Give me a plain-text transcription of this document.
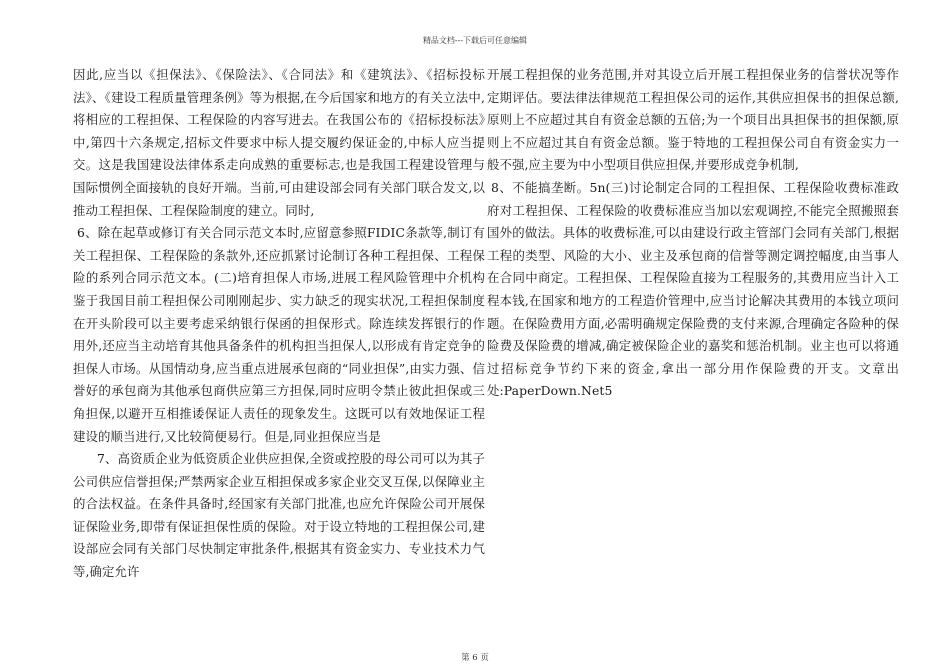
精品文档---下载后可任意编辑

因此,应当以《担保法》、《保险法》、《合同法》和《建筑法》、《招标投标法》、《建设工程质量管理条例》等为根据,在今后国家和地方的有关立法中,将相应的工程担保、工程保险的内容写进去。在我国公布的《招标投标法》中,第四十六条规定,招标文件要求中标人提交履约保证金的,中标人应当提交。这是我国建设法律体系走向成熟的重要标志,也是我国工程建设管理与国际惯例全面接轨的良好开端。当前,可由建设部会同有关部门联合发文,以推动工程担保、工程保险制度的建立。同时,

6、除在起草或修订有关合同示范文本时,应留意参照FIDIC条款等,制订有关工程担保、工程保险的条款外,还应抓紧讨论制订各种工程担保、工程保险的系列合同示范文本。(二)培育担保人市场,进展工程风险管理中介机构鉴于我国目前工程担保公司刚刚起步、实力缺乏的现实状况,工程担保制度在开头阶段可以主要考虑采纳银行保函的担保形式。除连续发挥银行的作用外,还应当主动培育其他具备条件的机构担当担保人,以形成有肯定竞争的担保人市场。从国情动身,应当重点进展承包商的“同业担保”,由实力强、信誉好的承包商为其他承包商供应第三方担保,同时应明令禁止彼此担保或三角担保,以避开互相推诿保证人责任的现象发生。这既可以有效地保证工程建设的顺当进行,又比较简便易行。但是,同业担保应当是

7、高资质企业为低资质企业供应担保,全资或控股的母公司可以为其子公司供应信誉担保;严禁两家企业互相担保或多家企业交叉互保,以保障业主的合法权益。在条件具备时,经国家有关部门批准,也应允许保险公司开展保证保险业务,即带有保证担保性质的保险。对于设立特地的工程担保公司,建设部应会同有关部门尽快制定审批条件,根据其有资金实力、专业技术力气等,确定允许

开展工程担保的业务范围,并对其设立后开展工程担保业务的信誉状况等作定期评估。要法律法律规范工程担保公司的运作,其供应担保书的担保总额,原则上不应超过其自有资金总额的五倍;为一个项目出具担保书的担保额,原则上不应超过其自有资金总额。鉴于特地的工程担保公司自有资金实力一般不强,应主要为中小型项目供应担保,并要形成竞争机制,

8、不能搞垄断。5n(三)讨论制定合同的工程担保、工程保险收费标准政府对工程担保、工程保险的收费标准应当加以宏观调控,不能完全照搬照套国外的做法。具体的收费标准,可以由建设行政主管部门会同有关部门,根据工程的类型、风险的大小、业主及承包商的信誉等测定调控幅度,由当事人在合同中商定。工程担保、工程保险直接为工程服务的,其费用应当计入工程本钱,在国家和地方的工程造价管理中,应当讨论解决其费用的本钱立项问题。在保险费用方面,必需明确规定保险费的支付来源,合理确定各险种的保险费及保险费的增减,确定被保险企业的嘉奖和惩治机制。业主也可以将通过招标竞争节约下来的资金,拿出一部分用作保险费的开支。文章出处:PaperDown.Net5

第 6 页
